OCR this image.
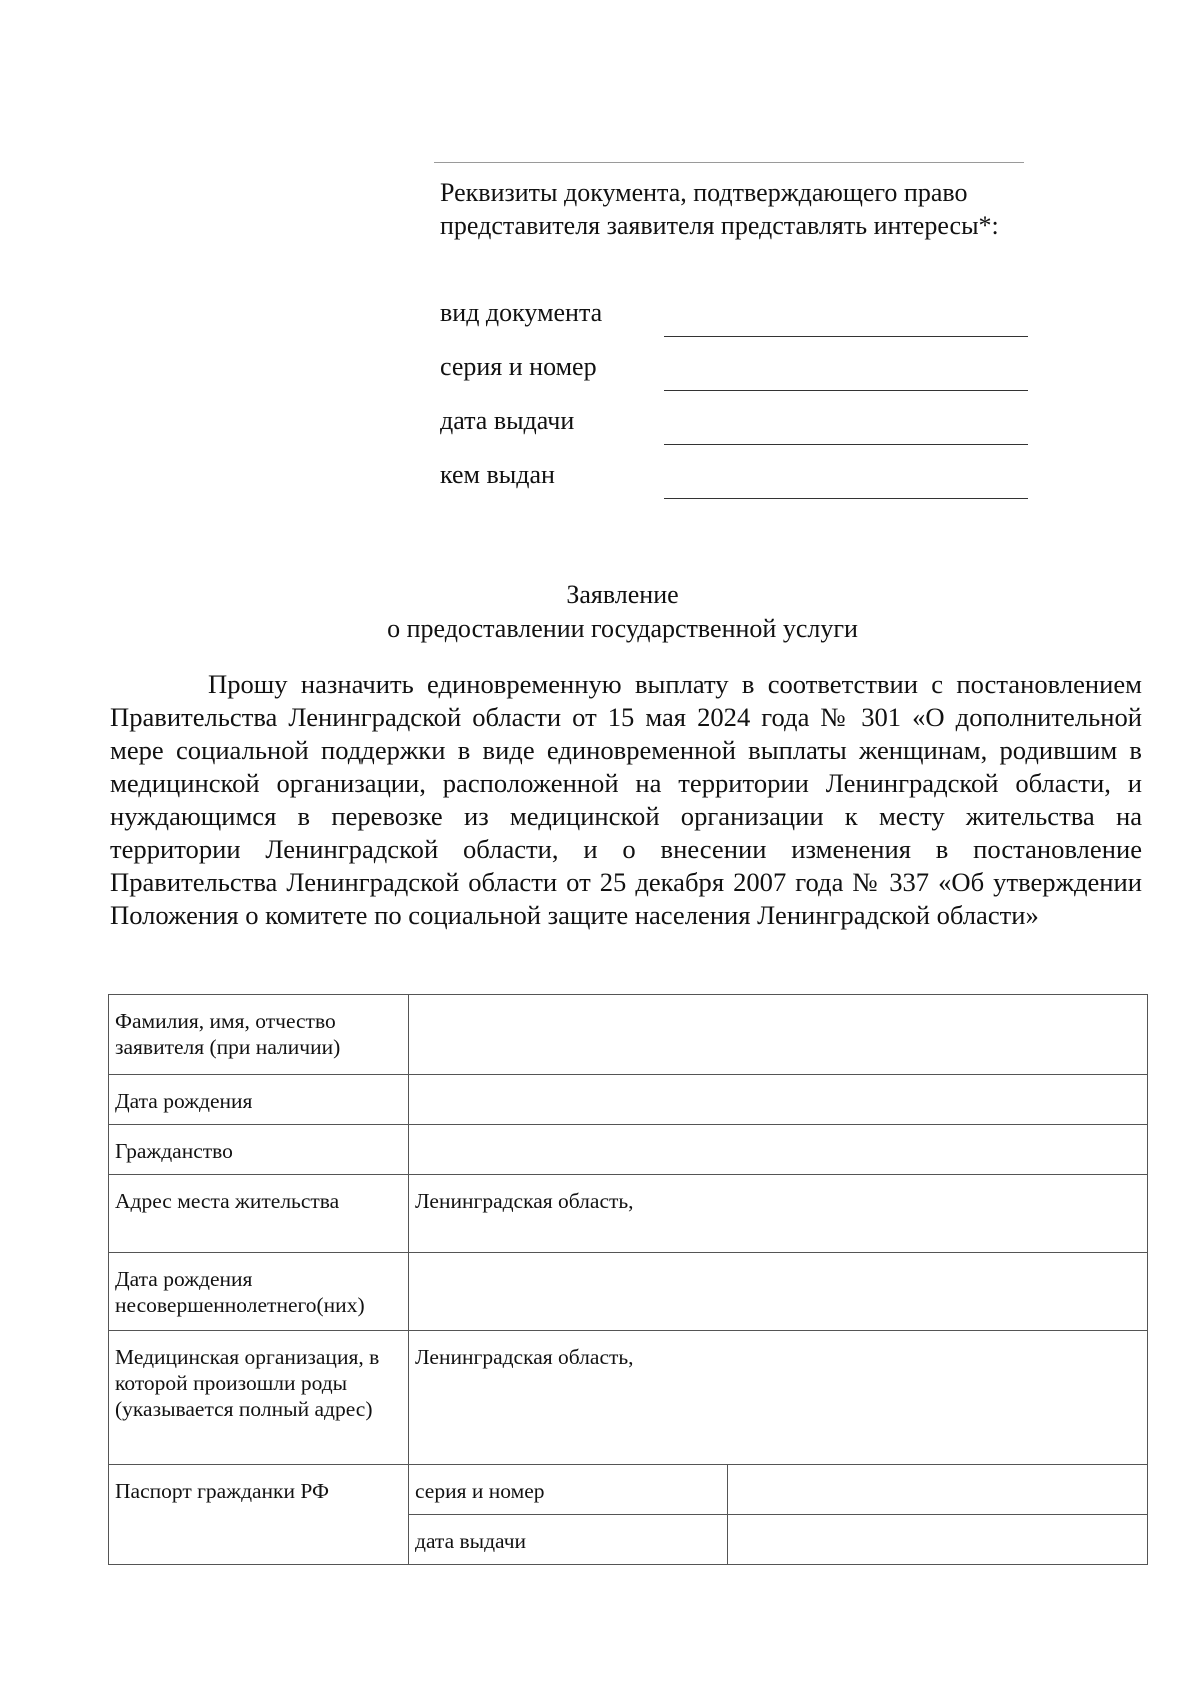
Реквизиты документа, подтверждающего право представителя заявителя представлять интересы*:
вид документа
серия и номер
дата выдачи
кем выдан
Заявление
о предоставлении государственной услуги
Прошу назначить единовременную выплату в соответствии с постановлением Правительства Ленинградской области от 15 мая 2024 года № 301 «О дополнительной мере социальной поддержки в виде единовременной выплаты женщинам, родившим в медицинской организации, расположенной на территории Ленинградской области, и нуждающимся в перевозке из медицинской организации к месту жительства на территории Ленинградской области, и о внесении изменения в постановление Правительства Ленинградской области от 25 декабря 2007 года № 337 «Об утверждении Положения о комитете по социальной защите населения Ленинградской области»
Фамилия, имя, отчество заявителя (при наличии)		
Дата рождения		
Гражданство		
Адрес места жительства	Ленинградская область,	
Дата рождения несовершеннолетнего(них)		
Медицинская организация, в которой произошли роды (указывается полный адрес)	Ленинградская область,	
Паспорт гражданки РФ	серия и номер	
	дата выдачи	
